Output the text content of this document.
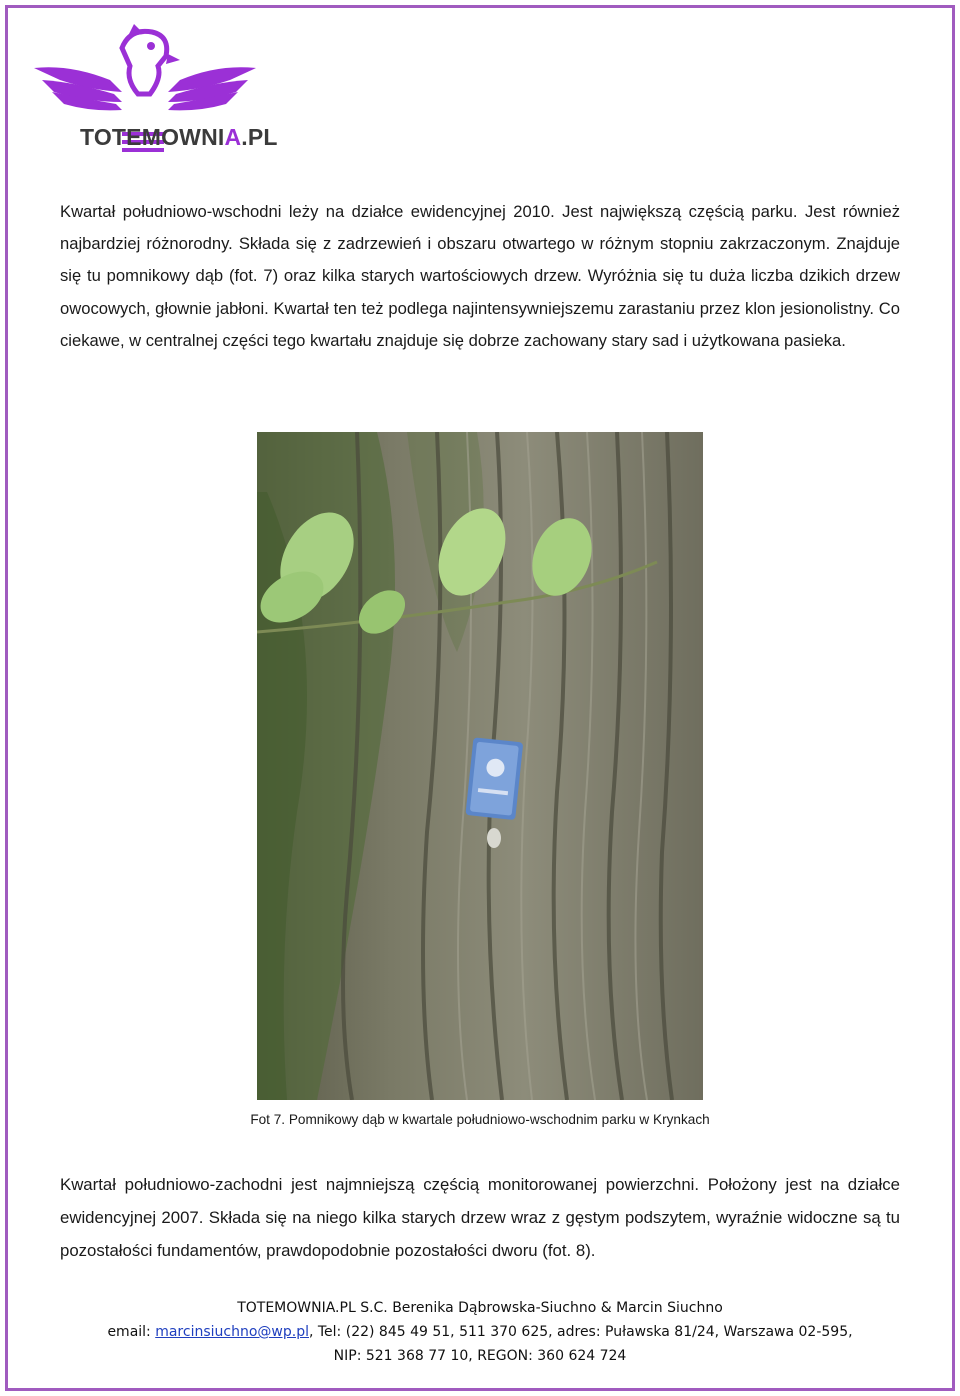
TOTEMOWNIA.PL

Kwartał południowo-wschodni leży na działce ewidencyjnej 2010. Jest największą częścią parku. Jest również najbardziej różnorodny. Składa się z zadrzewień i obszaru otwartego w różnym stopniu zakrzaczonym. Znajduje się tu pomnikowy dąb (fot. 7) oraz kilka starych wartościowych drzew. Wyróżnia się tu duża liczba dzikich drzew owocowych, głownie jabłoni. Kwartał ten też podlega najintensywniejszemu zarastaniu przez klon jesionolistny. Co ciekawe, w centralnej części tego kwartału znajduje się dobrze zachowany stary sad i użytkowana pasieka.

Fot 7. Pomnikowy dąb w kwartale południowo-wschodnim parku w Krynkach

Kwartał południowo-zachodni jest najmniejszą częścią monitorowanej powierzchni. Położony jest na działce ewidencyjnej 2007. Składa się na niego kilka starych drzew wraz z gęstym podszytem, wyraźnie widoczne są tu pozostałości fundamentów, prawdopodobnie pozostałości dworu (fot. 8).

TOTEMOWNIA.PL S.C. Berenika Dąbrowska-Siuchno & Marcin Siuchno

email: marcinsiuchno@wp.pl, Tel: (22) 845 49 51, 511 370 625, adres: Puławska 81/24, Warszawa 02-595,

NIP: 521 368 77 10, REGON: 360 624 724
